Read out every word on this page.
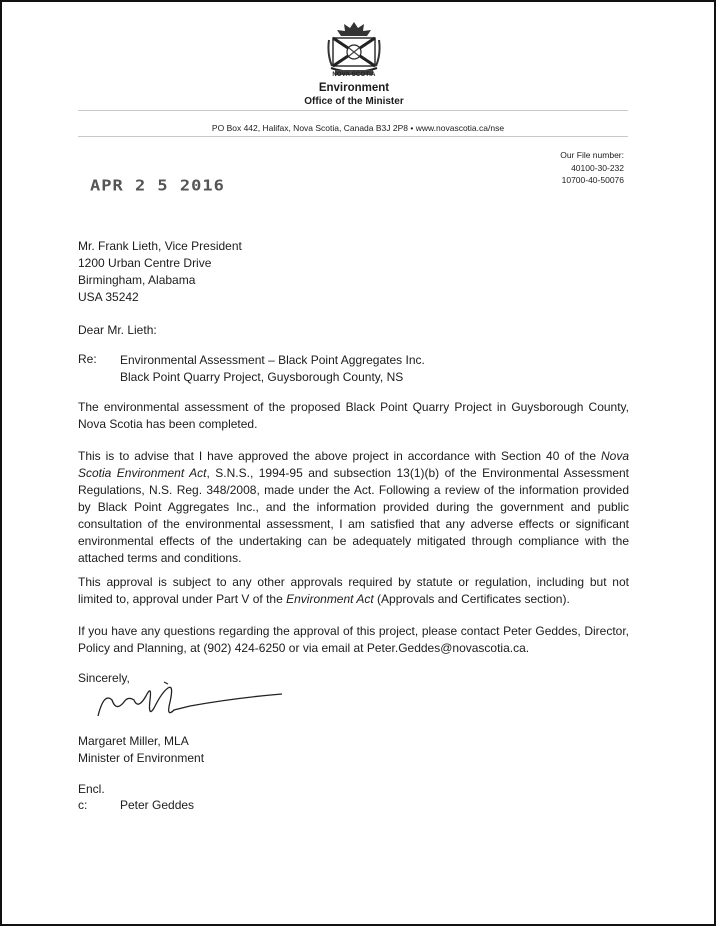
NOVA SCOTIA
Environment
Office of the Minister
PO Box 442, Halifax, Nova Scotia, Canada B3J 2P8 • www.novascotia.ca/nse
Our File number:
40100-30-232
10700-40-50076
APR 2 5 2016
Mr. Frank Lieth, Vice President
1200 Urban Centre Drive
Birmingham, Alabama
USA 35242
Dear Mr. Lieth:
Re: Environmental Assessment – Black Point Aggregates Inc.
Black Point Quarry Project, Guysborough County, NS
The environmental assessment of the proposed Black Point Quarry Project in Guysborough County, Nova Scotia has been completed.
This is to advise that I have approved the above project in accordance with Section 40 of the Nova Scotia Environment Act, S.N.S., 1994-95 and subsection 13(1)(b) of the Environmental Assessment Regulations, N.S. Reg. 348/2008, made under the Act. Following a review of the information provided by Black Point Aggregates Inc., and the information provided during the government and public consultation of the environmental assessment, I am satisfied that any adverse effects or significant environmental effects of the undertaking can be adequately mitigated through compliance with the attached terms and conditions.
This approval is subject to any other approvals required by statute or regulation, including but not limited to, approval under Part V of the Environment Act (Approvals and Certificates section).
If you have any questions regarding the approval of this project, please contact Peter Geddes, Director, Policy and Planning, at (902) 424-6250 or via email at Peter.Geddes@novascotia.ca.
Sincerely,
Margaret Miller, MLA
Minister of Environment
Encl.
c:	Peter Geddes
